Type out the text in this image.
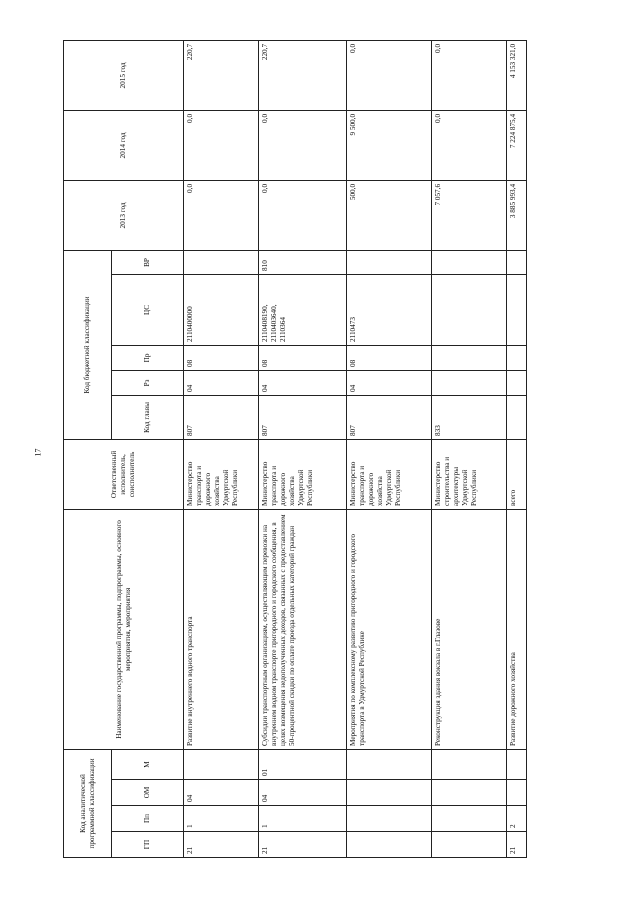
17
Код аналитической программной классификации				Наименование государственной программы, подпрограммы, основного мероприятия, мероприятия	Ответственный исполнитель, соисполнитель	Код бюджетной классификации					2013 год	2014 год	2015 год
ГП	Пп	ОМ	М			Код главы	Рз	Пр	ЦС	ВР			
21	1	04		Развитие внутреннего водного транспорта	Министерство транспорта и дорожного хозяйства Удмуртской Республики	807	04	08	2110400000		0,0	0,0	220,7
21	1	04	01	Субсидии транспортным организациям, осуществляющим перевозки на внутреннем водном транспорте пригородного и городского сообщения, в целях возмещения недополученных доходов, связанных с предоставлением 50-процентной скидки по оплате проезда отдельных категорий граждан	Министерство транспорта и дорожного хозяйства Удмуртской Республики	807	04	08	2110408190, 2110403640, 2110364	810	0,0	0,0	220,7
				Мероприятия по комплексному развитию пригородного и городского транспорта в Удмуртской Республике	Министерство транспорта и дорожного хозяйства Удмуртской Республики	807	04	08	2110473		500,0	9 500,0	0,0
				Реконструкция здания вокзала в г.Глазове	Министерство строительства и архитектуры Удмуртской Республики	833					7 057,6	0,0	0,0
21	2			Развитие дорожного хозяйства	всего						3 885 993,4	7 224 875,4	4 153 321,0
